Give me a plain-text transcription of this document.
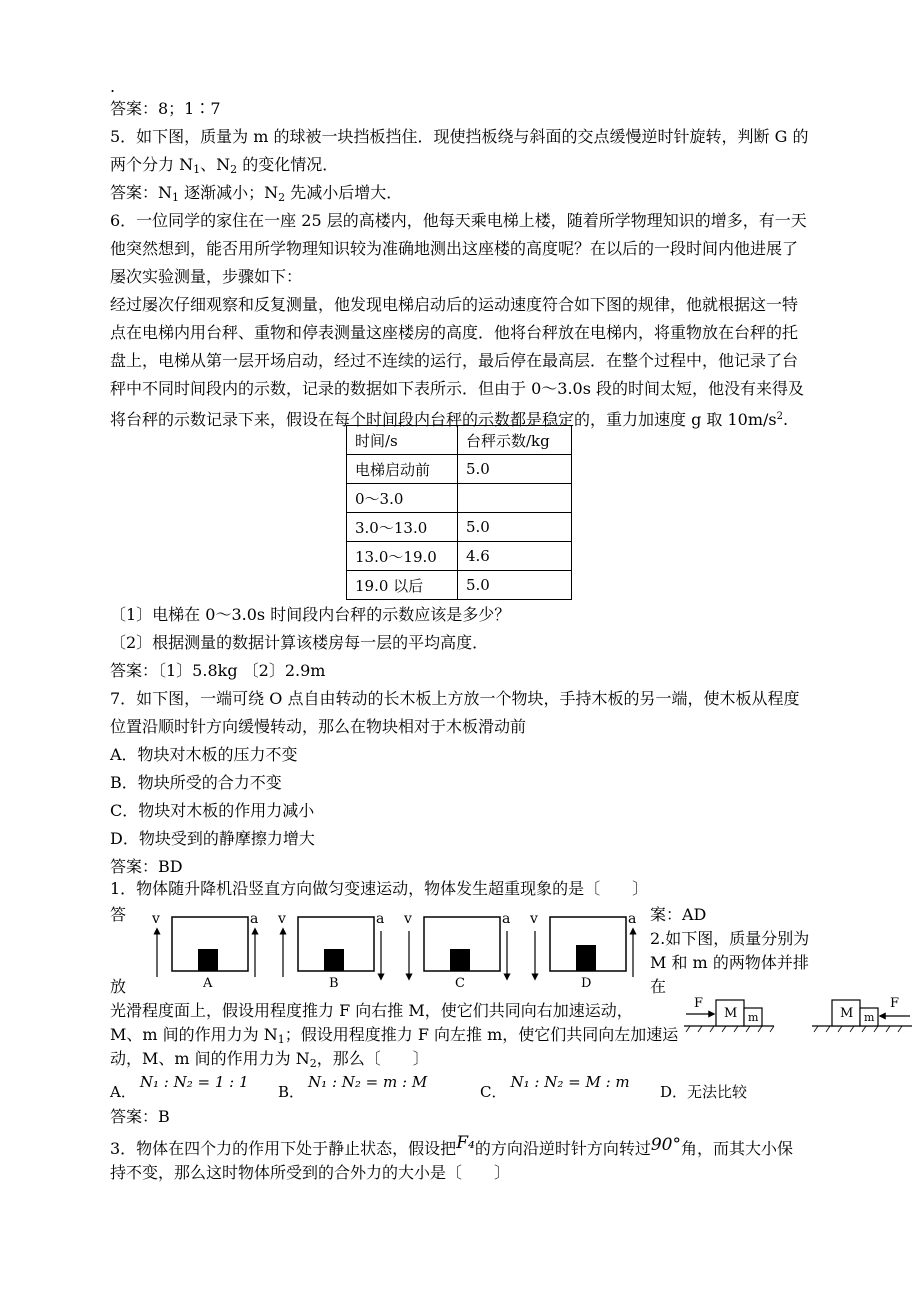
.
答案：8；1∶7
5．如下图，质量为 m 的球被一块挡板挡住．现使挡板绕与斜面的交点缓慢逆时针旋转，判断 G 的
两个分力 $N_1$、$N_2$ 的变化情况．
答案：$N_1$ 逐渐减小；$N_2$ 先减小后增大．
6．一位同学的家住在一座 25 层的高楼内，他每天乘电梯上楼，随着所学物理知识的增多，有一天
他突然想到，能否用所学物理知识较为准确地测出这座楼的高度呢？在以后的一段时间内他进展了
屡次实验测量，步骤如下：
经过屡次仔细观察和反复测量，他发现电梯启动后的运动速度符合如下图的规律，他就根据这一特
点在电梯内用台秤、重物和停表测量这座楼房的高度．他将台秤放在电梯内，将重物放在台秤的托
盘上，电梯从第一层开场启动，经过不连续的运行，最后停在最高层．在整个过程中，他记录了台
秤中不同时间段内的示数，记录的数据如下表所示．但由于 0～3.0s 段的时间太短，他没有来得及
将台秤的示数记录下来，假设在每个时间段内台秤的示数都是稳定的，重力加速度 g 取 $10m/s^2$.
时间/s	台秤示数/kg
电梯启动前	5.0
0～3.0	
3.0～13.0	5.0
13.0～19.0	4.6
19.0 以后	5.0
〔1〕电梯在 0～3.0s 时间段内台秤的示数应该是多少？
〔2〕根据测量的数据计算该楼房每一层的平均高度．
答案：〔1〕5.8kg 〔2〕2.9m
7．如下图，一端可绕 O 点自由转动的长木板上方放一个物块，手持木板的另一端，使木板从程度
位置沿顺时针方向缓慢转动，那么在物块相对于木板滑动前
A．物块对木板的压力不变
B．物块所受的合力不变
C．物块对木板的作用力减小
D．物块受到的静摩擦力增大
答案：BD
1．物体随升降机沿竖直方向做匀变速运动，物体发生超重现象的是〔　　〕
答	案：AD
2.如下图，质量分别为
M 和 m 的两物体并排
放	在
v	a
A
v	a
B
v	a
C
v	a
D
光滑程度面上，假设用程度推力 F 向右推 M，使它们共同向右加速运动，
M、m 间的作用力为 $N_1$；假设用程度推力 F 向左推 m，使它们共同向左加速运
动，M、m 间的作用力为 $N_2$，那么〔　　〕
F
M m	M m
F
A．N₁ : N₂ = 1 : 1
B．N₁ : N₂ = m : M
C．N₁ : N₂ = M : m
D．无法比较
答案：B
3．物体在四个力的作用下处于静止状态，假设把F₄的方向沿逆时针方向转过90°角，而其大小保
持不变，那么这时物体所受到的合外力的大小是〔　　〕
